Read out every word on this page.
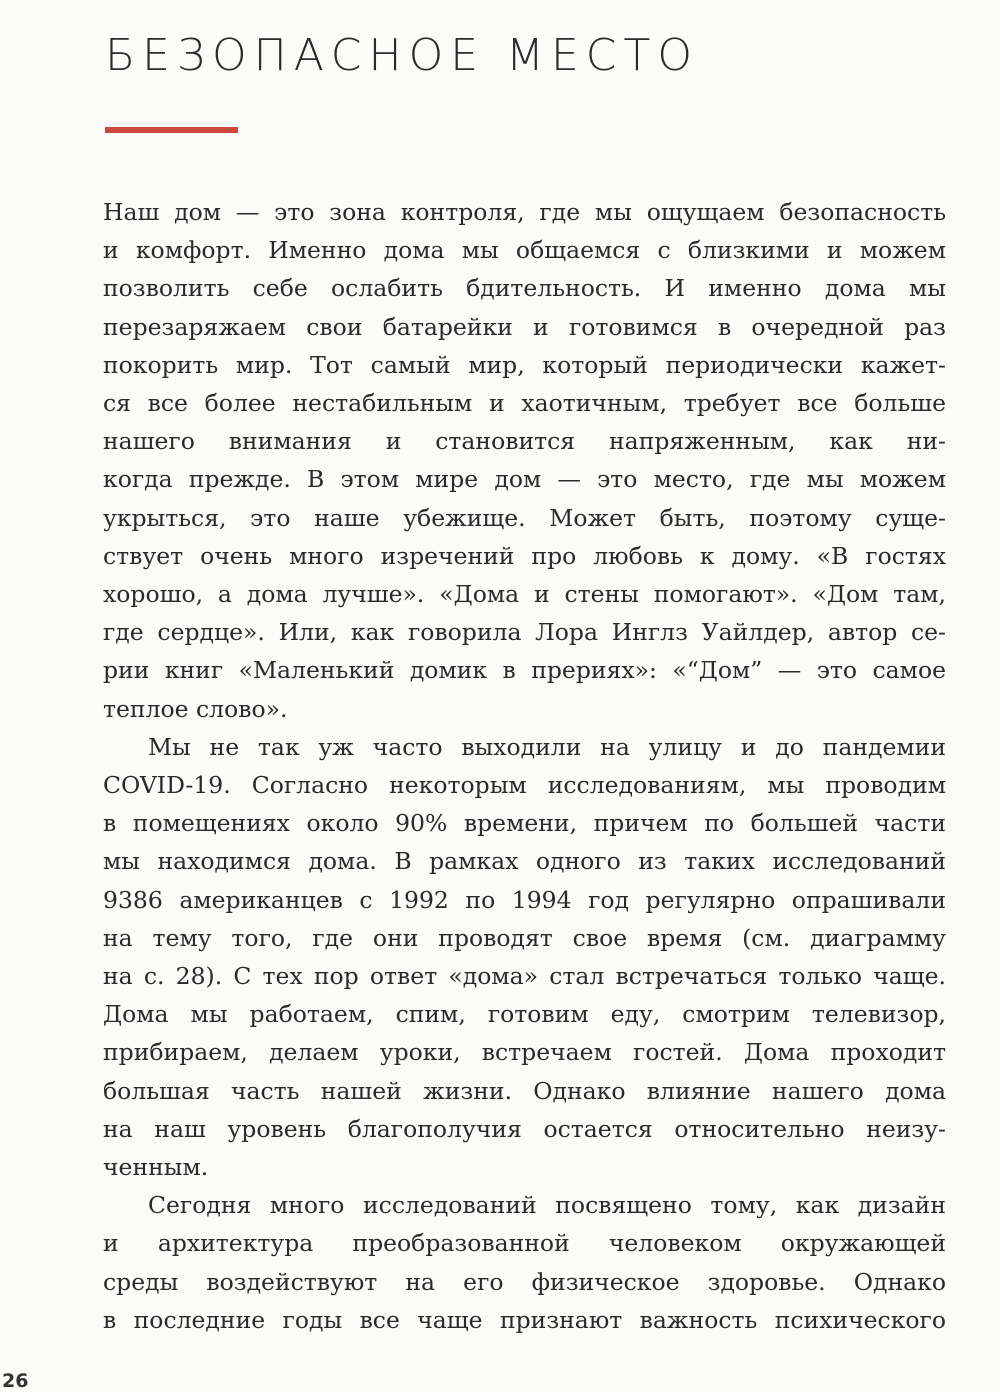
БЕЗОПАСНОЕ МЕСТО
Наш дом — это зона контроля, где мы ощущаем безопасность
и комфорт. Именно дома мы общаемся с близкими и можем
позволить себе ослабить бдительность. И именно дома мы
перезаряжаем свои батарейки и готовимся в очередной раз
покорить мир. Тот самый мир, который периодически кажет-
ся все более нестабильным и хаотичным, требует все больше
нашего внимания и становится напряженным, как ни-
когда прежде. В этом мире дом — это место, где мы можем
укрыться, это наше убежище. Может быть, поэтому суще-
ствует очень много изречений про любовь к дому. «В гостях
хорошо, а дома лучше». «Дома и стены помогают». «Дом там,
где сердце». Или, как говорила Лора Инглз Уайлдер, автор се-
рии книг «Маленький домик в прериях»: «“Дом” — это самое
теплое слово».
Мы не так уж часто выходили на улицу и до пандемии
COVID-19. Согласно некоторым исследованиям, мы проводим
в помещениях около 90% времени, причем по большей части
мы находимся дома. В рамках одного из таких исследований
9386 американцев с 1992 по 1994 год регулярно опрашивали
на тему того, где они проводят свое время (см. диаграмму
на с. 28). С тех пор ответ «дома» стал встречаться только чаще.
Дома мы работаем, спим, готовим еду, смотрим телевизор,
прибираем, делаем уроки, встречаем гостей. Дома проходит
большая часть нашей жизни. Однако влияние нашего дома
на наш уровень благополучия остается относительно неизу-
ченным.
Сегодня много исследований посвящено тому, как дизайн
и архитектура преобразованной человеком окружающей
среды воздействуют на его физическое здоровье. Однако
в последние годы все чаще признают важность психического
26
